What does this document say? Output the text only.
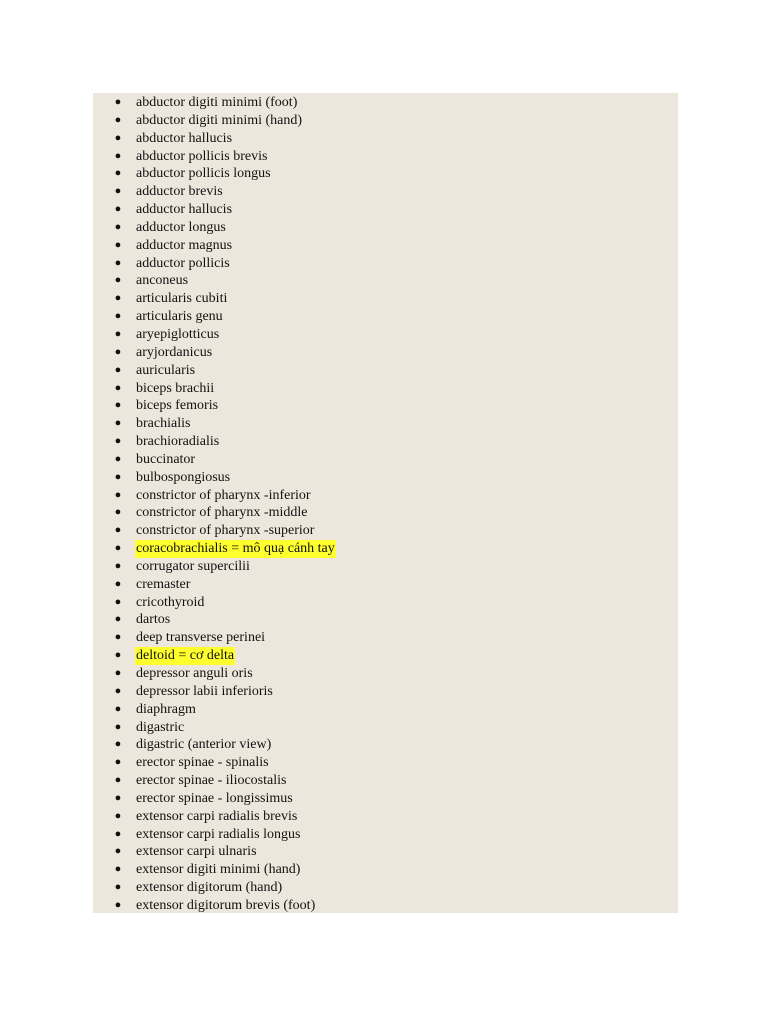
● abductor digiti minimi (foot)
● abductor digiti minimi (hand)
● abductor hallucis
● abductor pollicis brevis
● abductor pollicis longus
● adductor brevis
● adductor hallucis
● adductor longus
● adductor magnus
● adductor pollicis
● anconeus
● articularis cubiti
● articularis genu
● aryepiglotticus
● aryjordanicus
● auricularis
● biceps brachii
● biceps femoris
● brachialis
● brachioradialis
● buccinator
● bulbospongiosus
● constrictor of pharynx -inferior
● constrictor of pharynx -middle
● constrictor of pharynx -superior
● coracobrachialis = mô quạ cánh tay
● corrugator supercilii
● cremaster
● cricothyroid
● dartos
● deep transverse perinei
● deltoid = cơ delta
● depressor anguli oris
● depressor labii inferioris
● diaphragm
● digastric
● digastric (anterior view)
● erector spinae - spinalis
● erector spinae - iliocostalis
● erector spinae - longissimus
● extensor carpi radialis brevis
● extensor carpi radialis longus
● extensor carpi ulnaris
● extensor digiti minimi (hand)
● extensor digitorum (hand)
● extensor digitorum brevis (foot)
